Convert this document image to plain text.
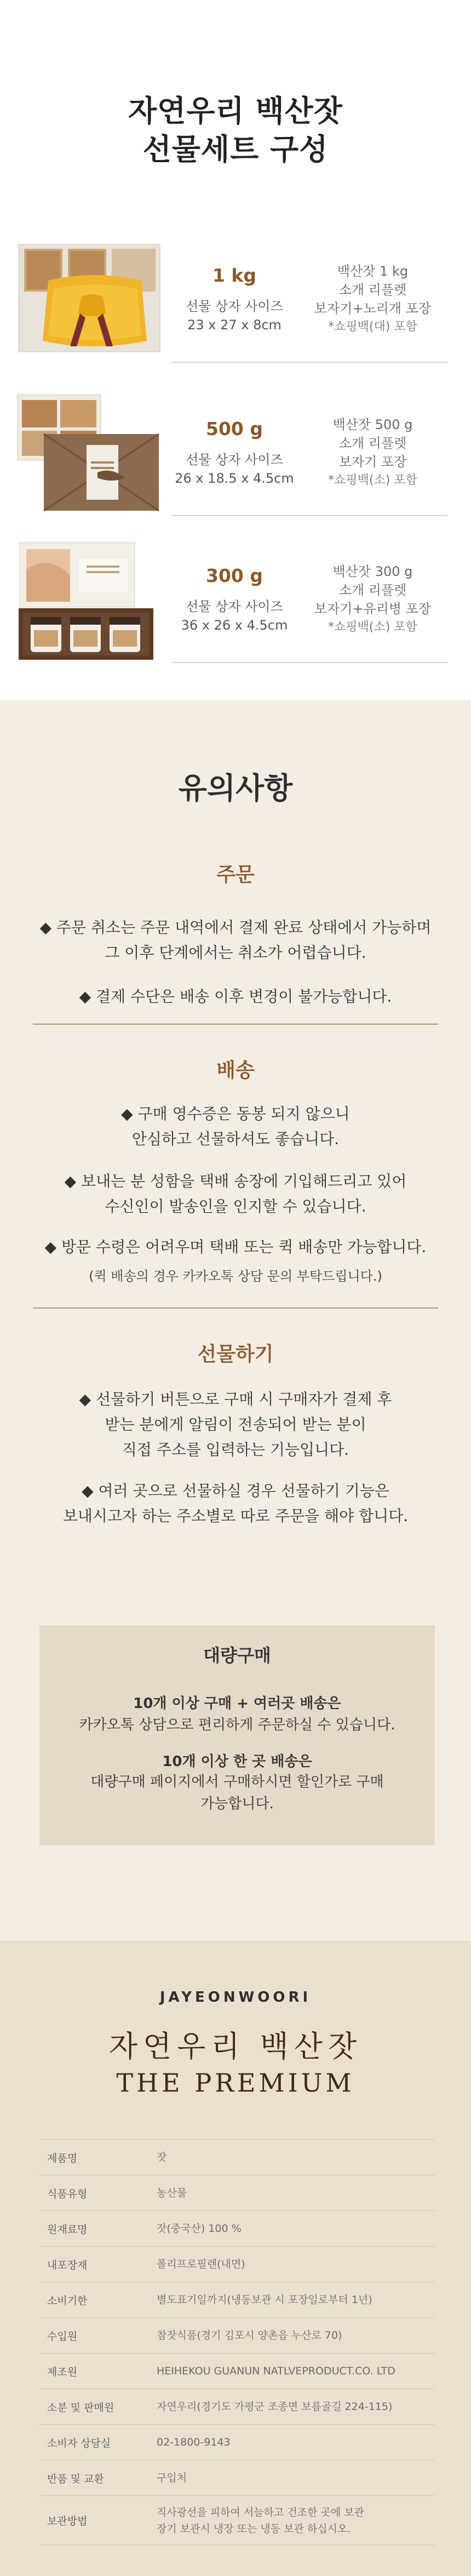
자연우리 백산잣
선물세트 구성
1 kg
선물 상자 사이즈
23 x 27 x 8cm
백산잣 1 kg
소개 리플렛
보자기+노리개 포장
*쇼핑백(대) 포함
500 g
선물 상자 사이즈
26 x 18.5 x 4.5cm
백산잣 500 g
소개 리플렛
보자기 포장
*쇼핑백(소) 포함
300 g
선물 상자 사이즈
36 x 26 x 4.5cm
백산잣 300 g
소개 리플렛
보자기+유리병 포장
*쇼핑백(소) 포함
유의사항
주문

◆ 주문 취소는 주문 내역에서 결제 완료 상태에서 가능하며
그 이후 단계에서는 취소가 어렵습니다.

◆ 결제 수단은 배송 이후 변경이 불가능합니다.

배송

◆ 구매 영수증은 동봉 되지 않으니
안심하고 선물하셔도 좋습니다.

◆ 보내는 분 성함을 택배 송장에 기입해드리고 있어
수신인이 발송인을 인지할 수 있습니다.

◆ 방문 수령은 어려우며 택배 또는 퀵 배송만 가능합니다.

(퀵 배송의 경우 카카오톡 상담 문의 부탁드립니다.)

선물하기

◆ 선물하기 버튼으로 구매 시 구매자가 결제 후
받는 분에게 알림이 전송되어 받는 분이
직접 주소를 입력하는 기능입니다.

◆ 여러 곳으로 선물하실 경우 선물하기 기능은
보내시고자 하는 주소별로 따로 주문을 해야 합니다.

대량구매
10개 이상 구매 + 여러곳 배송은
카카오톡 상담으로 편리하게 주문하실 수 있습니다.
10개 이상 한 곳 배송은
대량구매 페이지에서 구매하시면 할인가로 구매
가능합니다.
JAYEONWOORI
자연우리 백산잣
THE PREMIUM
제품명	잣
식품유형	농산물
원재료명	잣(중국산) 100 %
내포장재	폴리프로필렌(내면)
소비기한	별도표기일까지(냉동보관 시 포장일로부터 1년)
수입원	참잣식품(경기 김포시 양촌읍 누산로 70)
제조원	HEIHEKOU GUANUN NATLVEPRODUCT.CO. LTD
소분 및 판매원	자연우리(경기도 가평군 조종면 보름골길 224-115)
소비자 상담실	02-1800-9143
반품 및 교환	구입처
보관방법	직사광선을 피하여 서늘하고 건조한 곳에 보관
장기 보관시 냉장 또는 냉동 보관 하십시오.
